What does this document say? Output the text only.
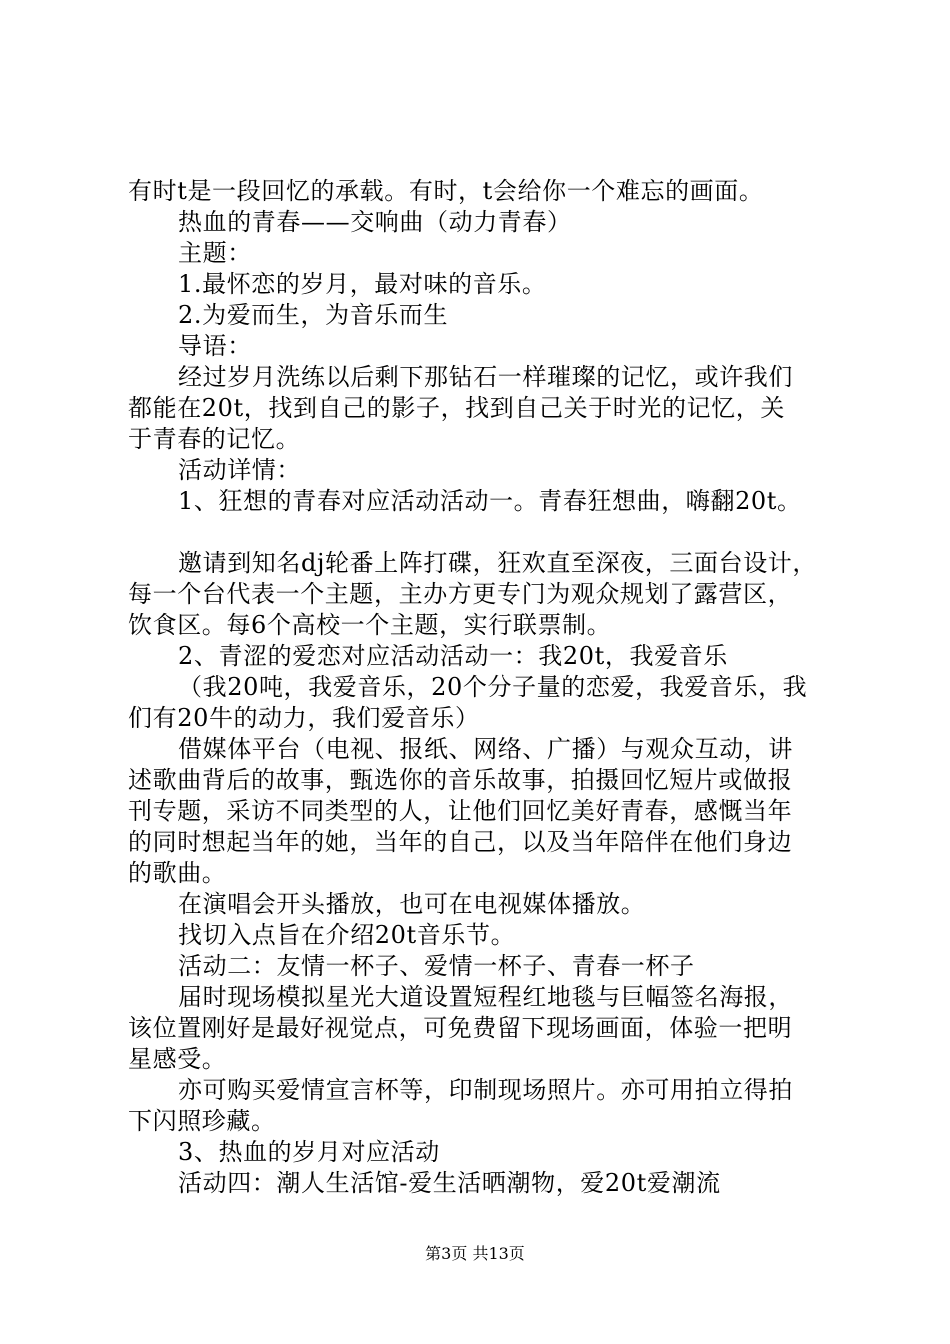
有时t是一段回忆的承载。有时，t会给你一个难忘的画面。
热血的青春——交响曲（动力青春）
主题：
1.最怀恋的岁月，最对味的音乐。
2.为爱而生，为音乐而生
导语：
经过岁月洗练以后剩下那钻石一样璀璨的记忆，或许我们
都能在20t，找到自己的影子，找到自己关于时光的记忆，关
于青春的记忆。
活动详情：
1、狂想的青春对应活动活动一。青春狂想曲，嗨翻20t。
邀请到知名dj轮番上阵打碟，狂欢直至深夜，三面台设计，
每一个台代表一个主题，主办方更专门为观众规划了露营区，
饮食区。每6个高校一个主题，实行联票制。
2、青涩的爱恋对应活动活动一：我20t，我爱音乐
（我20吨，我爱音乐，20个分子量的恋爱，我爱音乐，我
们有20牛的动力，我们爱音乐）
借媒体平台（电视、报纸、网络、广播）与观众互动，讲
述歌曲背后的故事，甄选你的音乐故事，拍摄回忆短片或做报
刊专题，采访不同类型的人，让他们回忆美好青春，感慨当年
的同时想起当年的她，当年的自己，以及当年陪伴在他们身边
的歌曲。
在演唱会开头播放，也可在电视媒体播放。
找切入点旨在介绍20t音乐节。
活动二：友情一杯子、爱情一杯子、青春一杯子
届时现场模拟星光大道设置短程红地毯与巨幅签名海报，
该位置刚好是最好视觉点，可免费留下现场画面，体验一把明
星感受。
亦可购买爱情宣言杯等，印制现场照片。亦可用拍立得拍
下闪照珍藏。
3、热血的岁月对应活动
活动四：潮人生活馆-爱生活晒潮物，爱20t爱潮流
第3页 共13页
